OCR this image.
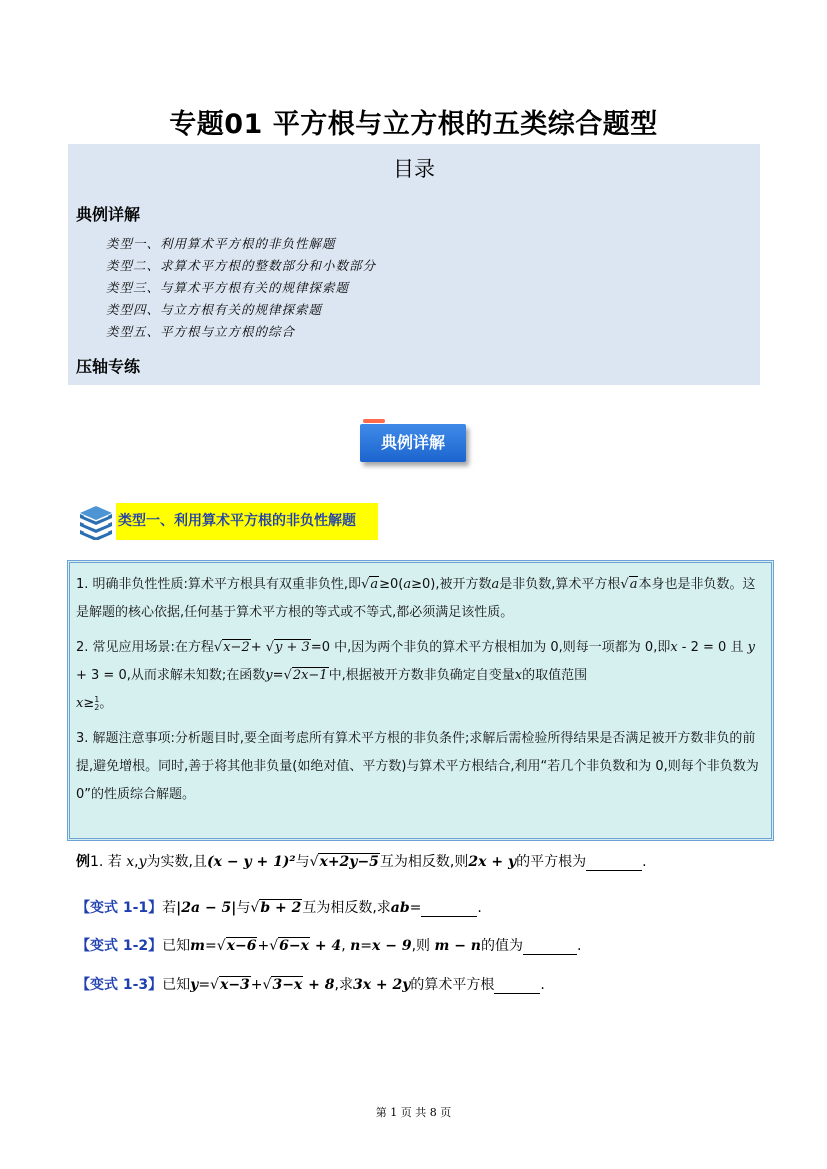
专题01 平方根与立方根的五类综合题型
目录
典例详解
类型一、利用算术平方根的非负性解题
类型二、求算术平方根的整数部分和小数部分
类型三、与算术平方根有关的规律探索题
类型四、与立方根有关的规律探索题
类型五、平方根与立方根的综合
压轴专练
典例详解
类型一、利用算术平方根的非负性解题

1. 明确非负性性质:算术平方根具有双重非负性,即√a≥0(a≥0),被开方数a是非负数,算术平方根√a本身也是非负数。这是解题的核心依据,任何基于算术平方根的等式或不等式,都必须满足该性质。

2. 常见应用场景:在方程√x−2+ √y + 3=0 中,因为两个非负的算术平方根相加为 0,则每一项都为 0,即x - 2 = 0 且 y + 3 = 0,从而求解未知数;在函数y=√2x−1中,根据被开方数非负确定自变量x的取值范围
x≥1
2。

3. 解题注意事项:分析题目时,要全面考虑所有算术平方根的非负条件;求解后需检验所得结果是否满足被开方数非负的前提,避免增根。同时,善于将其他非负量(如绝对值、平方数)与算术平方根结合,利用“若几个非负数和为 0,则每个非负数为 0”的性质综合解题。

例1. 若 x,y为实数,且(x − y + 1)²与√x+2y−5互为相反数,则2x + y的平方根为	.
【变式 1-1】若|2a − 5|与√b + 2互为相反数,求ab=	.
【变式 1-2】已知m=√x−6+√6−x + 4, n=x − 9,则 m − n的值为	.
【变式 1-3】已知y=√x−3+√3−x + 8,求3x + 2y的算术平方根	.
第 1 页 共 8 页
